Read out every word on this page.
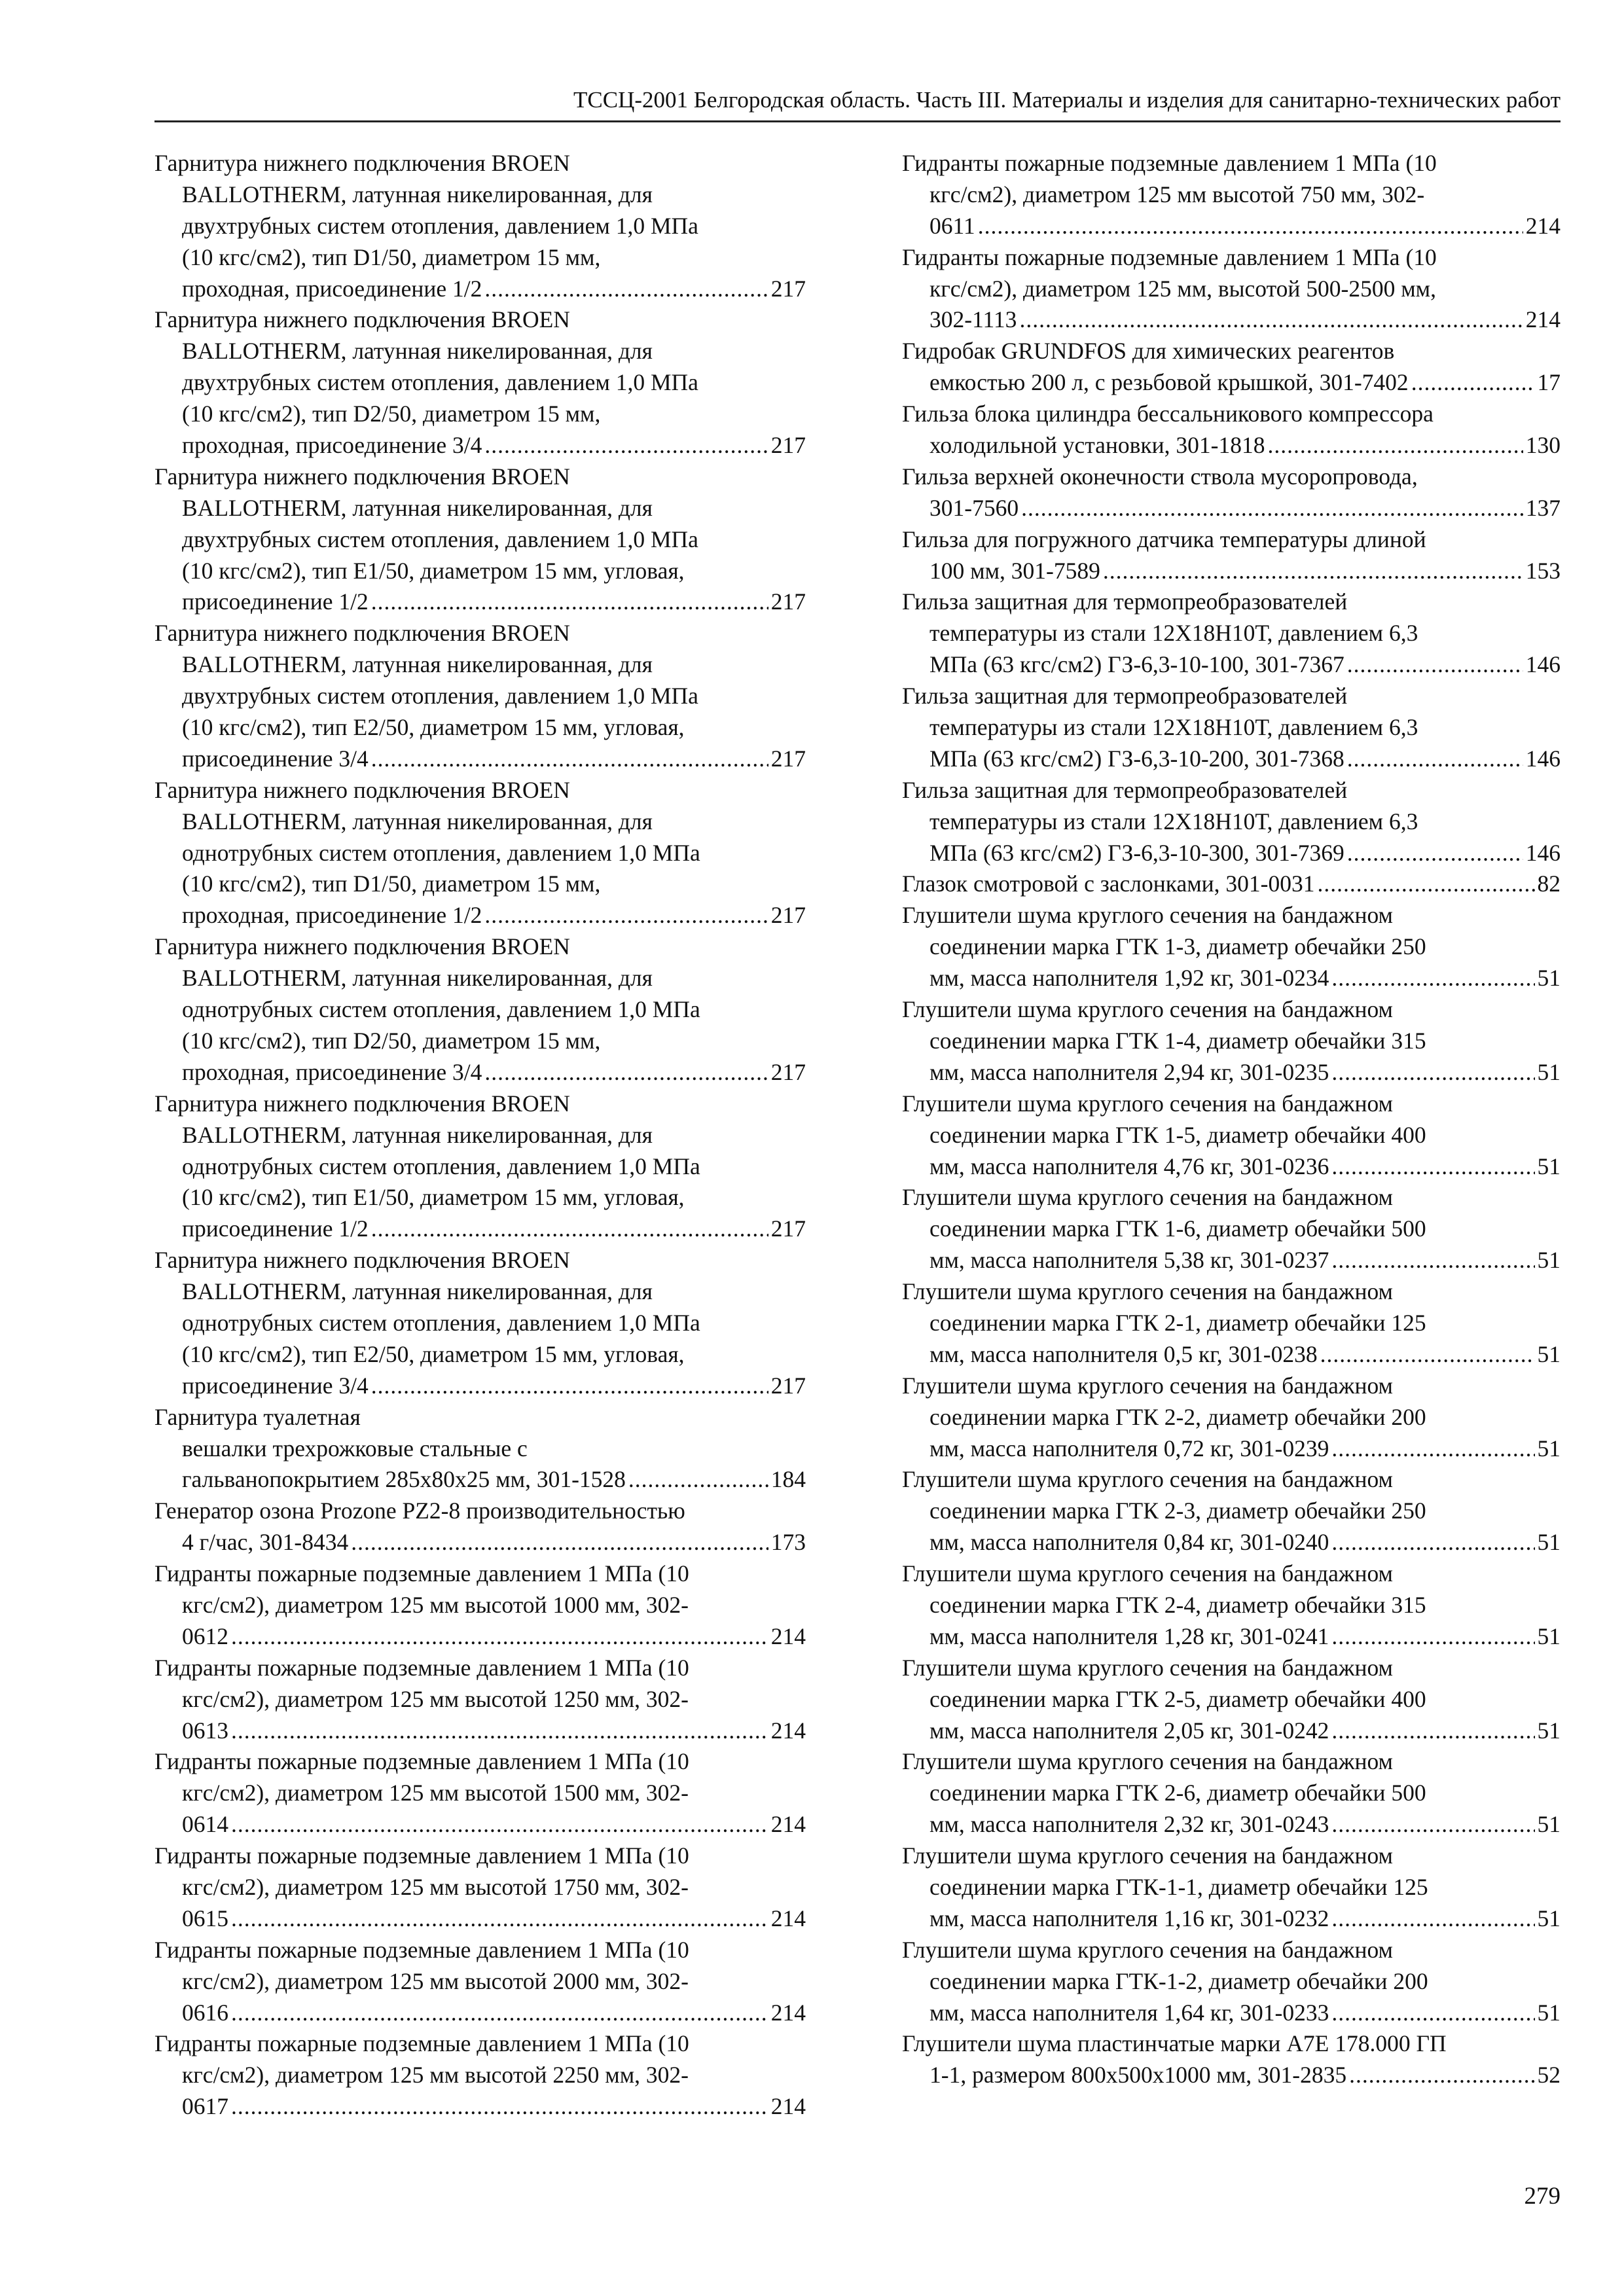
ТССЦ-2001 Белгородская область. Часть III. Материалы и изделия для санитарно-технических работ
Гарнитура нижнего подключения BROEN
BALLOTHERM, латунная никелированная, для
двухтрубных систем отопления, давлением 1,0 МПа
(10 кгс/см2), тип D1/50, диаметром 15 мм,
проходная, присоединение 1/2 .....	217
Гарнитура нижнего подключения BROEN
BALLOTHERM, латунная никелированная, для
двухтрубных систем отопления, давлением 1,0 МПа
(10 кгс/см2), тип D2/50, диаметром 15 мм,
проходная, присоединение 3/4 .....	217
Гарнитура нижнего подключения BROEN
BALLOTHERM, латунная никелированная, для
двухтрубных систем отопления, давлением 1,0 МПа
(10 кгс/см2), тип E1/50, диаметром 15 мм, угловая,
присоединение 1/2 .....	217
Гарнитура нижнего подключения BROEN
BALLOTHERM, латунная никелированная, для
двухтрубных систем отопления, давлением 1,0 МПа
(10 кгс/см2), тип E2/50, диаметром 15 мм, угловая,
присоединение 3/4 .....	217
Гарнитура нижнего подключения BROEN
BALLOTHERM, латунная никелированная, для
однотрубных систем отопления, давлением 1,0 МПа
(10 кгс/см2), тип D1/50, диаметром 15 мм,
проходная, присоединение 1/2 .....	217
Гарнитура нижнего подключения BROEN
BALLOTHERM, латунная никелированная, для
однотрубных систем отопления, давлением 1,0 МПа
(10 кгс/см2), тип D2/50, диаметром 15 мм,
проходная, присоединение 3/4 .....	217
Гарнитура нижнего подключения BROEN
BALLOTHERM, латунная никелированная, для
однотрубных систем отопления, давлением 1,0 МПа
(10 кгс/см2), тип E1/50, диаметром 15 мм, угловая,
присоединение 1/2 .....	217
Гарнитура нижнего подключения BROEN
BALLOTHERM, латунная никелированная, для
однотрубных систем отопления, давлением 1,0 МПа
(10 кгс/см2), тип E2/50, диаметром 15 мм, угловая,
присоединение 3/4 .....	217
Гарнитура туалетная
вешалки трехрожковые стальные с
гальванопокрытием 285х80х25 мм, 301-1528 .....	184
Генератор озона Prozone PZ2-8 производительностью
4 г/час, 301-8434 .....	173
Гидранты пожарные подземные давлением 1 МПа (10
кгс/см2), диаметром 125 мм высотой 1000 мм, 302-
0612 .....	214
Гидранты пожарные подземные давлением 1 МПа (10
кгс/см2), диаметром 125 мм высотой 1250 мм, 302-
0613 .....	214
Гидранты пожарные подземные давлением 1 МПа (10
кгс/см2), диаметром 125 мм высотой 1500 мм, 302-
0614 .....	214
Гидранты пожарные подземные давлением 1 МПа (10
кгс/см2), диаметром 125 мм высотой 1750 мм, 302-
0615 .....	214
Гидранты пожарные подземные давлением 1 МПа (10
кгс/см2), диаметром 125 мм высотой 2000 мм, 302-
0616 .....	214
Гидранты пожарные подземные давлением 1 МПа (10
кгс/см2), диаметром 125 мм высотой 2250 мм, 302-
0617 .....	214
Гидранты пожарные подземные давлением 1 МПа (10
кгс/см2), диаметром 125 мм высотой 750 мм, 302-
0611 .....	214
Гидранты пожарные подземные давлением 1 МПа (10
кгс/см2), диаметром 125 мм, высотой 500-2500 мм,
302-1113 .....	214
Гидробак GRUNDFOS для химических реагентов
емкостью 200 л, с резьбовой крышкой, 301-7402 .....	17
Гильза блока цилиндра бессальникового компрессора
холодильной установки, 301-1818 .....	130
Гильза верхней оконечности ствола мусоропровода,
301-7560 .....	137
Гильза для погружного датчика температуры длиной
100 мм, 301-7589 .....	153
Гильза защитная для термопреобразователей
температуры из стали 12Х18Н10Т, давлением 6,3
МПа (63 кгс/см2) ГЗ-6,3-10-100, 301-7367 .....	146
Гильза защитная для термопреобразователей
температуры из стали 12Х18Н10Т, давлением 6,3
МПа (63 кгс/см2) ГЗ-6,3-10-200, 301-7368 .....	146
Гильза защитная для термопреобразователей
температуры из стали 12Х18Н10Т, давлением 6,3
МПа (63 кгс/см2) ГЗ-6,3-10-300, 301-7369 .....	146
Глазок смотровой с заслонками, 301-0031 .....	82
Глушители шума круглого сечения на бандажном
соединении марка ГТК 1-3, диаметр обечайки 250
мм, масса наполнителя 1,92 кг, 301-0234 .....	51
Глушители шума круглого сечения на бандажном
соединении марка ГТК 1-4, диаметр обечайки 315
мм, масса наполнителя 2,94 кг, 301-0235 .....	51
Глушители шума круглого сечения на бандажном
соединении марка ГТК 1-5, диаметр обечайки 400
мм, масса наполнителя 4,76 кг, 301-0236 .....	51
Глушители шума круглого сечения на бандажном
соединении марка ГТК 1-6, диаметр обечайки 500
мм, масса наполнителя 5,38 кг, 301-0237 .....	51
Глушители шума круглого сечения на бандажном
соединении марка ГТК 2-1, диаметр обечайки 125
мм, масса наполнителя 0,5 кг, 301-0238 .....	51
Глушители шума круглого сечения на бандажном
соединении марка ГТК 2-2, диаметр обечайки 200
мм, масса наполнителя 0,72 кг, 301-0239 .....	51
Глушители шума круглого сечения на бандажном
соединении марка ГТК 2-3, диаметр обечайки 250
мм, масса наполнителя 0,84 кг, 301-0240 .....	51
Глушители шума круглого сечения на бандажном
соединении марка ГТК 2-4, диаметр обечайки 315
мм, масса наполнителя 1,28 кг, 301-0241 .....	51
Глушители шума круглого сечения на бандажном
соединении марка ГТК 2-5, диаметр обечайки 400
мм, масса наполнителя 2,05 кг, 301-0242 .....	51
Глушители шума круглого сечения на бандажном
соединении марка ГТК 2-6, диаметр обечайки 500
мм, масса наполнителя 2,32 кг, 301-0243 .....	51
Глушители шума круглого сечения на бандажном
соединении марка ГТК-1-1, диаметр обечайки 125
мм, масса наполнителя 1,16 кг, 301-0232 .....	51
Глушители шума круглого сечения на бандажном
соединении марка ГТК-1-2, диаметр обечайки 200
мм, масса наполнителя 1,64 кг, 301-0233 .....	51
Глушители шума пластинчатые марки А7Е 178.000 ГП
1-1, размером 800х500х1000 мм, 301-2835 .....	52
279
